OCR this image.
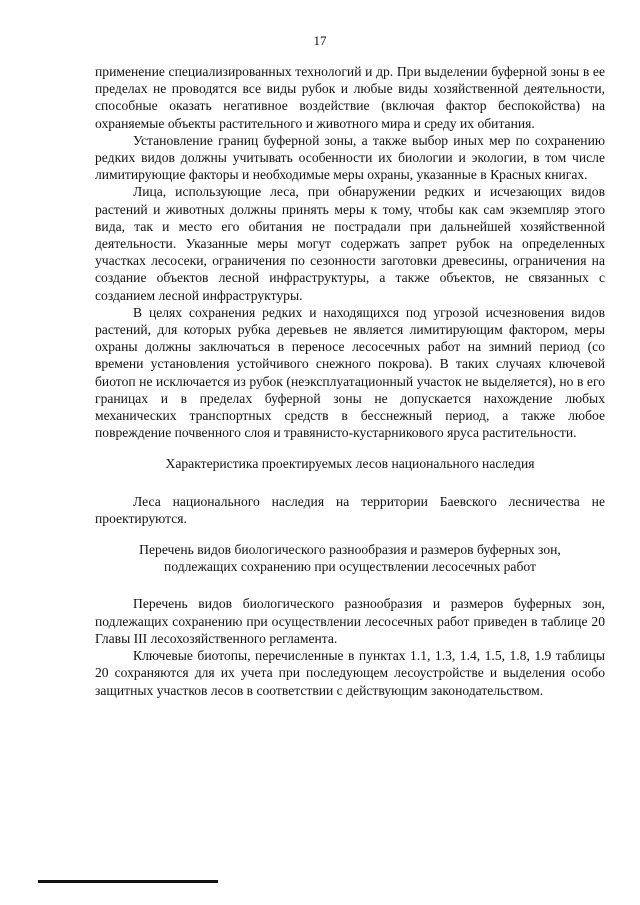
17

применение специализированных технологий и др. При выделении буферной зоны в ее пределах не проводятся все виды рубок и любые виды хозяйственной деятельности, способные оказать негативное воздействие (включая фактор беспокойства) на охраняемые объекты растительного и животного мира и среду их обитания.

Установление границ буферной зоны, а также выбор иных мер по сохранению редких видов должны учитывать особенности их биологии и экологии, в том числе лимитирующие факторы и необходимые меры охраны, указанные в Красных книгах.

Лица, использующие леса, при обнаружении редких и исчезающих видов растений и животных должны принять меры к тому, чтобы как сам экземпляр этого вида, так и место его обитания не пострадали при дальнейшей хозяйственной деятельности. Указанные меры могут содержать запрет рубок на определенных участках лесосеки, ограничения по сезонности заготовки древесины, ограничения на создание объектов лесной инфраструктуры, а также объектов, не связанных с созданием лесной инфраструктуры.

В целях сохранения редких и находящихся под угрозой исчезновения видов растений, для которых рубка деревьев не является лимитирующим фактором, меры охраны должны заключаться в переносе лесосечных работ на зимний период (со времени установления устойчивого снежного покрова). В таких случаях ключевой биотоп не исключается из рубок (неэксплуатационный участок не выделяется), но в его границах и в пределах буферной зоны не допускается нахождение любых механических транспортных средств в бесснежный период, а также любое повреждение почвенного слоя и травянисто-кустарникового яруса растительности.

Характеристика проектируемых лесов национального наследия

Леса национального наследия на территории Баевского лесничества не проектируются.

Перечень видов биологического разнообразия и размеров буферных зон,
подлежащих сохранению при осуществлении лесосечных работ

Перечень видов биологического разнообразия и размеров буферных зон, подлежащих сохранению при осуществлении лесосечных работ приведен в таблице 20 Главы III лесохозяйственного регламента.

Ключевые биотопы, перечисленные в пунктах 1.1, 1.3, 1.4, 1.5, 1.8, 1.9 таблицы 20 сохраняются для их учета при последующем лесоустройстве и выделения особо защитных участков лесов в соответствии с действующим законодательством.
